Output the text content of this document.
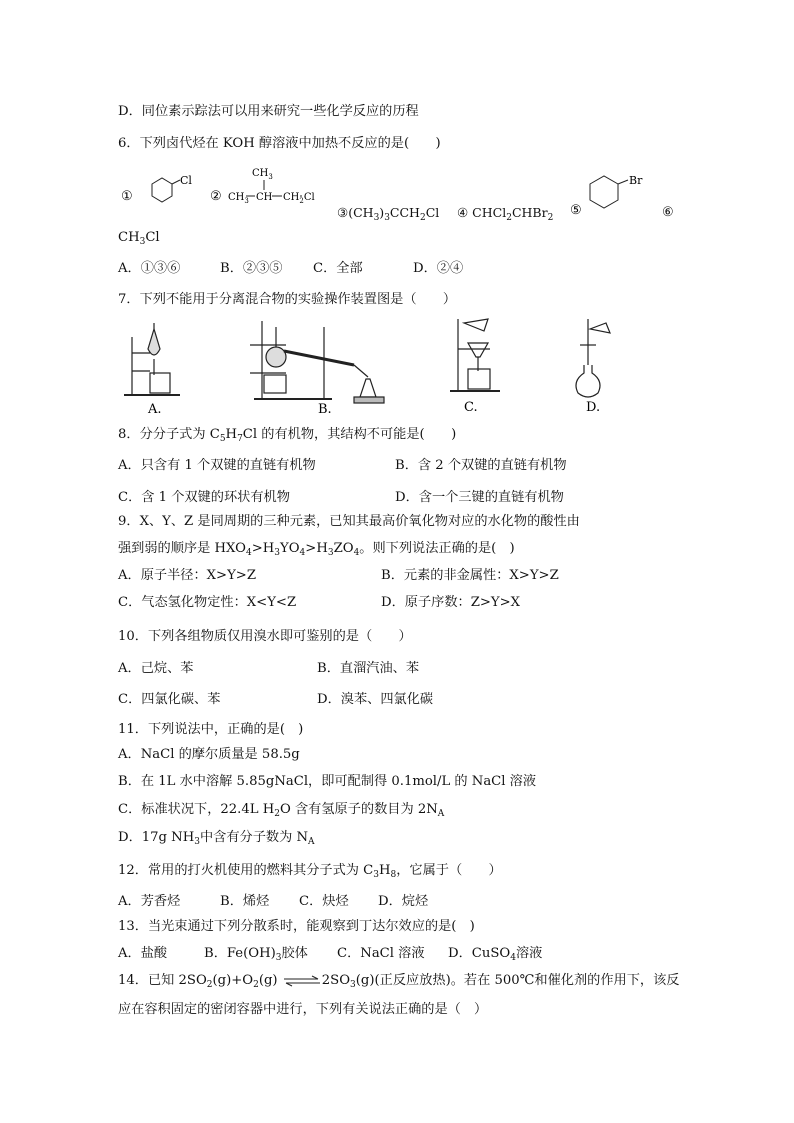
D．同位素示踪法可以用来研究一些化学反应的历程
6．下列卤代烃在 KOH 醇溶液中加热不反应的是(　　)
①
Cl
②
$CH_3$
$CH_3$ CH $CH_2Cl$
$③(CH_3)_3CCH_2Cl$ ④ CHCl$_2$CHBr$_2$ ⑤
Br
⑥
$CH_3Cl$
A．①③⑥	B．②③⑤ C．全部	D．②④
7．下列不能用于分离混合物的实验操作装置图是（　　）
A.	B.	C.	D.
8．分分子式为 $C_5H_7Cl$ 的有机物，其结构不可能是(　　)
A．只含有 1 个双键的直链有机物	B．含 2 个双键的直链有机物
C．含 1 个双键的环状有机物	D．含一个三键的直链有机物
9．X、Y、Z 是同周期的三种元素，已知其最高价氧化物对应的水化物的酸性由
强到弱的顺序是 $HXO_4>H_3YO_4>H_3ZO_4$。则下列说法正确的是(　)
A．原子半径：X>Y>Z	B．元素的非金属性：X>Y>Z
C．气态氢化物定性：X<Y<Z	D．原子序数：Z>Y>X
10．下列各组物质仅用溴水即可鉴别的是（　　）
A．己烷、苯	B．直溜汽油、苯
C．四氯化碳、苯	D．溴苯、四氯化碳
11．下列说法中，正确的是(　)
A．NaCl 的摩尔质量是 58.5g
B．在 1L 水中溶解 5.85gNaCl，即可配制得 0.1mol/L 的 NaCl 溶液
C．标准状况下，22.4L $H_2O$ 含有氢原子的数目为 $2N_A$
D．17g $NH_3$中含有分子数为 $N_A$
12．常用的打火机使用的燃料其分子式为 $C_3H_8$，它属于（　　）
A．芳香烃	B．烯烃 C．炔烃 D．烷烃
13．当光束通过下列分散系时，能观察到丁达尔效应的是(　)
A．盐酸	B．$Fe(OH)_3$胶体 C．NaCl 溶液 D．CuSO$_4$溶液
14．已知 $2SO_2(g)+O_2(g)$ $\rightleftharpoons 2SO_3(g)$(正反应放热)。若在 500℃和催化剂的作用下，该反
应在容积固定的密闭容器中进行，下列有关说法正确的是（　）
